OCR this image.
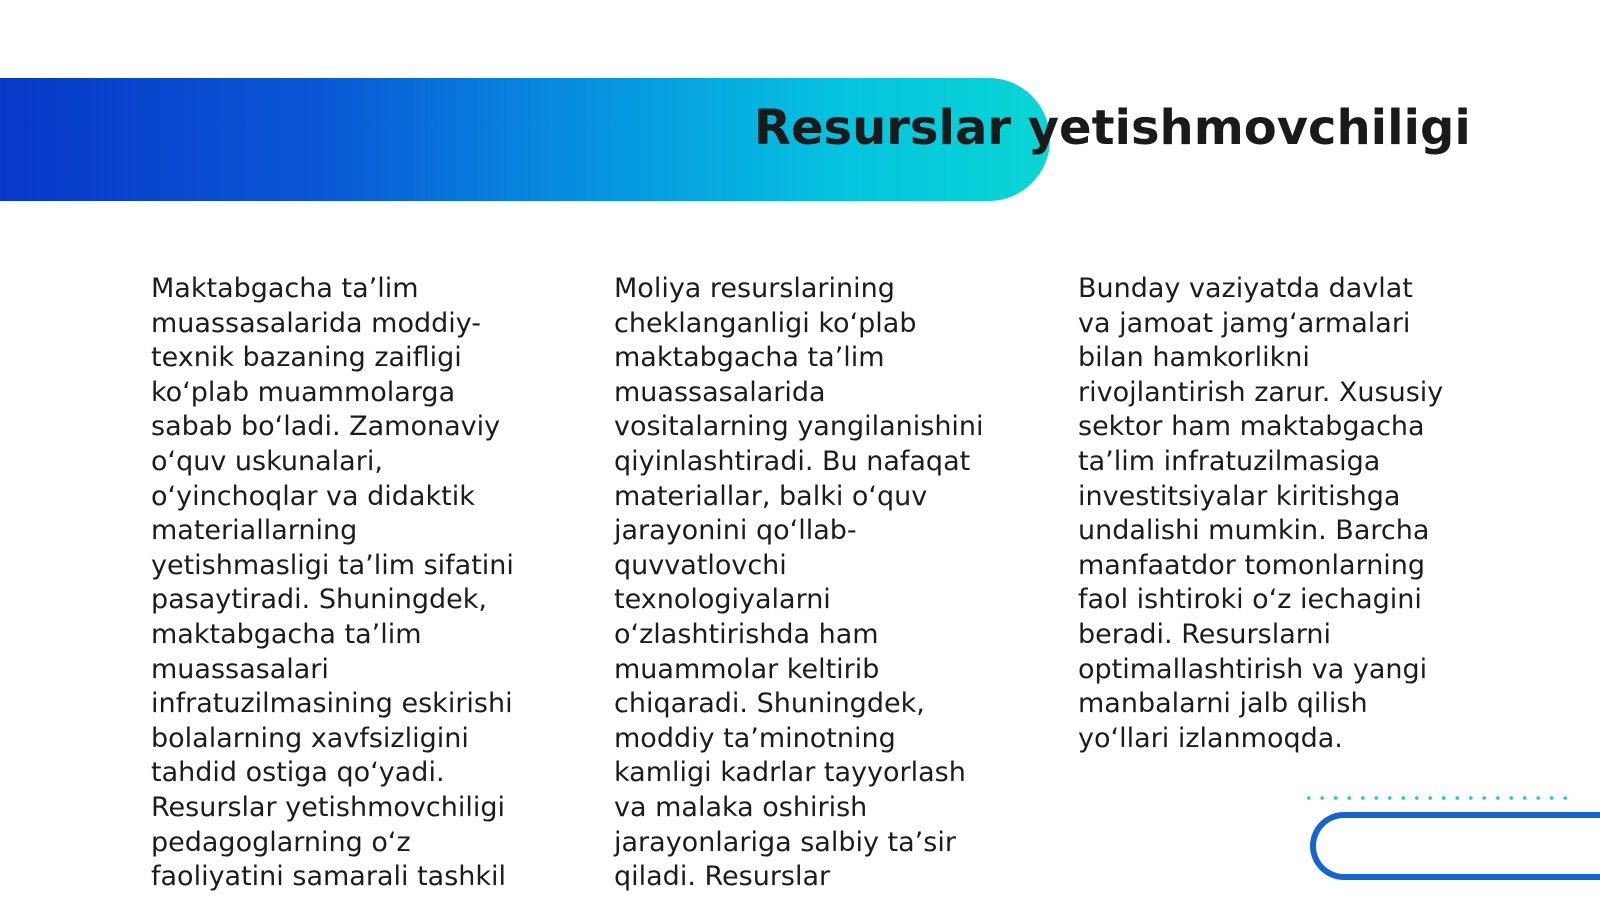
Resurslar yetishmovchiligi

Maktabgacha ta’lim muassasalarida moddiy-texnik bazaning zaifligi ko‘plab muammolarga sabab bo‘ladi. Zamonaviy o‘quv uskunalari, o‘yinchoqlar va didaktik materiallarning yetishmasligi ta’lim sifatini pasaytiradi. Shuningdek, maktabgacha ta’lim muassasalari infratuzilmasining eskirishi bolalarning xavfsizligini tahdid ostiga qo‘yadi. Resurslar yetishmovchiligi pedagoglarning o‘z faoliyatini samarali tashkil

Moliya resurslarining cheklanganligi ko‘plab maktabgacha ta’lim muassasalarida vositalarning yangilanishini qiyinlashtiradi. Bu nafaqat materiallar, balki o‘quv jarayonini qo‘llab-quvvatlovchi texnologiyalarni o‘zlashtirishda ham muammolar keltirib chiqaradi. Shuningdek, moddiy ta’minotning kamligi kadrlar tayyorlash va malaka oshirish jarayonlariga salbiy ta’sir qiladi. Resurslar

Bunday vaziyatda davlat va jamoat jamg‘armalari bilan hamkorlikni rivojlantirish zarur. Xususiy sektor ham maktabgacha ta’lim infratuzilmasiga investitsiyalar kiritishga undalishi mumkin. Barcha manfaatdor tomonlarning faol ishtiroki o‘z iechagini beradi. Resurslarni optimallashtirish va yangi manbalarni jalb qilish yo‘llari izlanmoqda.
